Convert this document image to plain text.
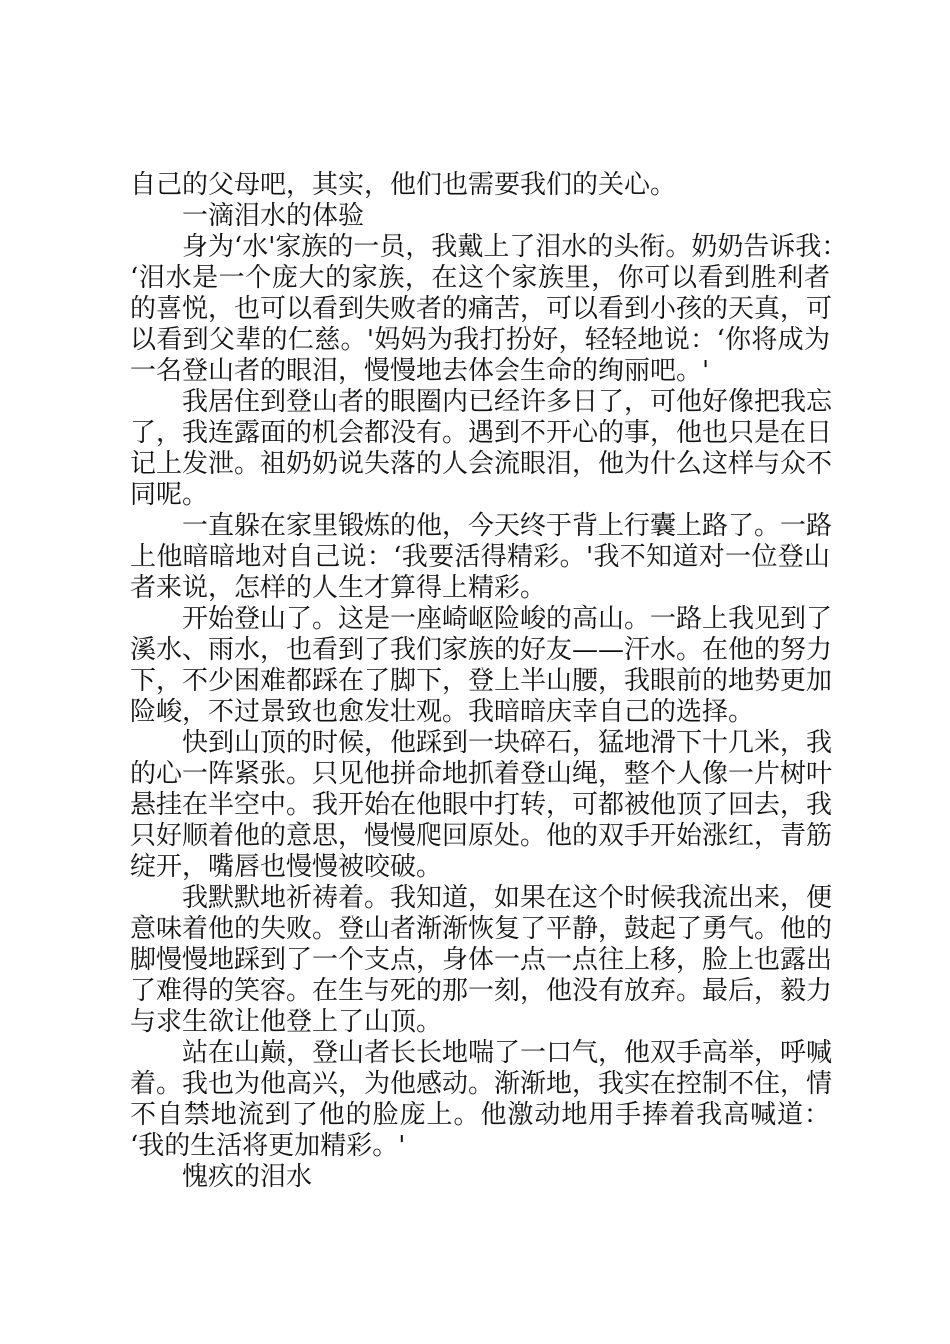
自己的父母吧，其实，他们也需要我们的关心。
一滴泪水的体验
身为‘水'家族的一员，我戴上了泪水的头衔。奶奶告诉我：
‘泪水是一个庞大的家族，在这个家族里，你可以看到胜利者
的喜悦，也可以看到失败者的痛苦，可以看到小孩的天真，可
以看到父辈的仁慈。'妈妈为我打扮好，轻轻地说：‘你将成为
一名登山者的眼泪，慢慢地去体会生命的绚丽吧。'
我居住到登山者的眼圈内已经许多日了，可他好像把我忘
了，我连露面的机会都没有。遇到不开心的事，他也只是在日
记上发泄。祖奶奶说失落的人会流眼泪，他为什么这样与众不
同呢。
一直躲在家里锻炼的他，今天终于背上行囊上路了。一路
上他暗暗地对自己说：‘我要活得精彩。'我不知道对一位登山
者来说，怎样的人生才算得上精彩。
开始登山了。这是一座崎岖险峻的高山。一路上我见到了
溪水、雨水，也看到了我们家族的好友——汗水。在他的努力
下，不少困难都踩在了脚下，登上半山腰，我眼前的地势更加
险峻，不过景致也愈发壮观。我暗暗庆幸自己的选择。
快到山顶的时候，他踩到一块碎石，猛地滑下十几米，我
的心一阵紧张。只见他拼命地抓着登山绳，整个人像一片树叶
悬挂在半空中。我开始在他眼中打转，可都被他顶了回去，我
只好顺着他的意思，慢慢爬回原处。他的双手开始涨红，青筋
绽开，嘴唇也慢慢被咬破。
我默默地祈祷着。我知道，如果在这个时候我流出来，便
意味着他的失败。登山者渐渐恢复了平静，鼓起了勇气。他的
脚慢慢地踩到了一个支点，身体一点一点往上移，脸上也露出
了难得的笑容。在生与死的那一刻，他没有放弃。最后，毅力
与求生欲让他登上了山顶。
站在山巅，登山者长长地喘了一口气，他双手高举，呼喊
着。我也为他高兴，为他感动。渐渐地，我实在控制不住，情
不自禁地流到了他的脸庞上。他激动地用手捧着我高喊道：
‘我的生活将更加精彩。'
愧疚的泪水
